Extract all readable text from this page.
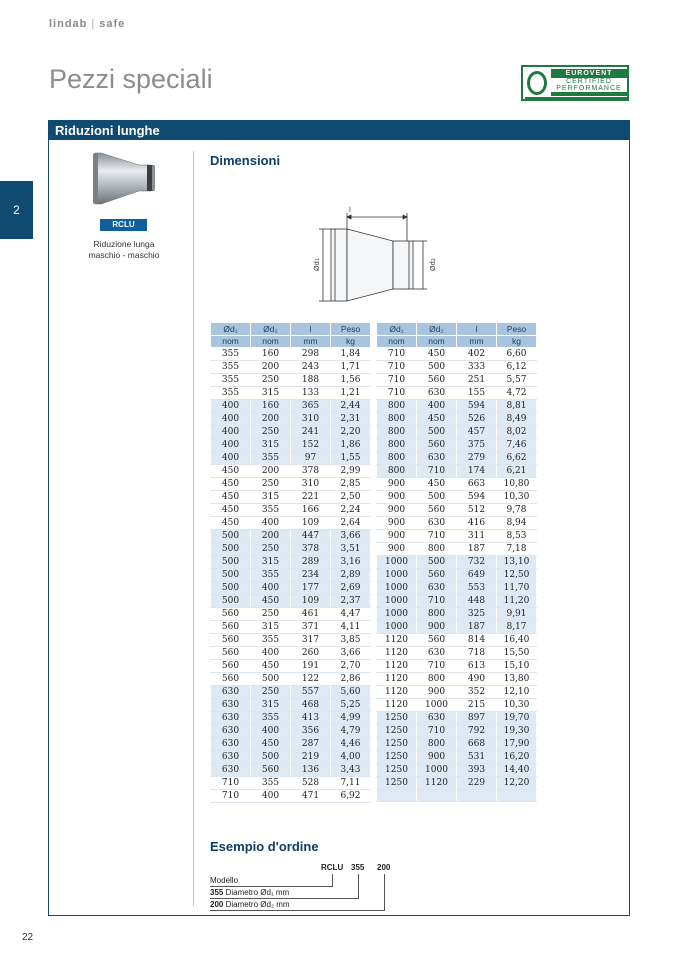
lindab | safe
Pezzi speciali	EUROVENT
CERTIFIED
PERFORMANCE
2
Riduzioni lunghe
RCLU
Riduzione lunga
maschio - maschio
Dimensioni
l
Ød₁	Ød₂
Ød₁	Ød₂	l	Peso
nom	nom	mm	kg
355	160	298	1,84
355	200	243	1,71
355	250	188	1,56
355	315	133	1,21
400	160	365	2,44
400	200	310	2,31
400	250	241	2,20
400	315	152	1,86
400	355	97	1,55
450	200	378	2,99
450	250	310	2,85
450	315	221	2,50
450	355	166	2,24
450	400	109	2,64
500	200	447	3,66
500	250	378	3,51
500	315	289	3,16
500	355	234	2,89
500	400	177	2,69
500	450	109	2,37
560	250	461	4,47
560	315	371	4,11
560	355	317	3,85
560	400	260	3,66
560	450	191	2,70
560	500	122	2,86
630	250	557	5,60
630	315	468	5,25
630	355	413	4,99
630	400	356	4,79
630	450	287	4,46
630	500	219	4,00
630	560	136	3,43
710	355	528	7,11
710	400	471	6,92
Ød₁	Ød₂	l	Peso
nom	nom	mm	kg
710	450	402	6,60
710	500	333	6,12
710	560	251	5,57
710	630	155	4,72
800	400	594	8,81
800	450	526	8,49
800	500	457	8,02
800	560	375	7,46
800	630	279	6,62
800	710	174	6,21
900	450	663	10,80
900	500	594	10,30
900	560	512	9,78
900	630	416	8,94
900	710	311	8,53
900	800	187	7,18
1000	500	732	13,10
1000	560	649	12,50
1000	630	553	11,70
1000	710	448	11,20
1000	800	325	9,91
1000	900	187	8,17
1120	560	814	16,40
1120	630	718	15,50
1120	710	613	15,10
1120	800	490	13,80
1120	900	352	12,10
1120	1000	215	10,30
1250	630	897	19,70
1250	710	792	19,30
1250	800	668	17,90
1250	900	531	16,20
1250	1000	393	14,40
1250	1120	229	12,20

Esempio d'ordine
RCLU 355 200
Modello
355 Diametro Ød₁ mm
200 Diametro Ød₂ mm
22
